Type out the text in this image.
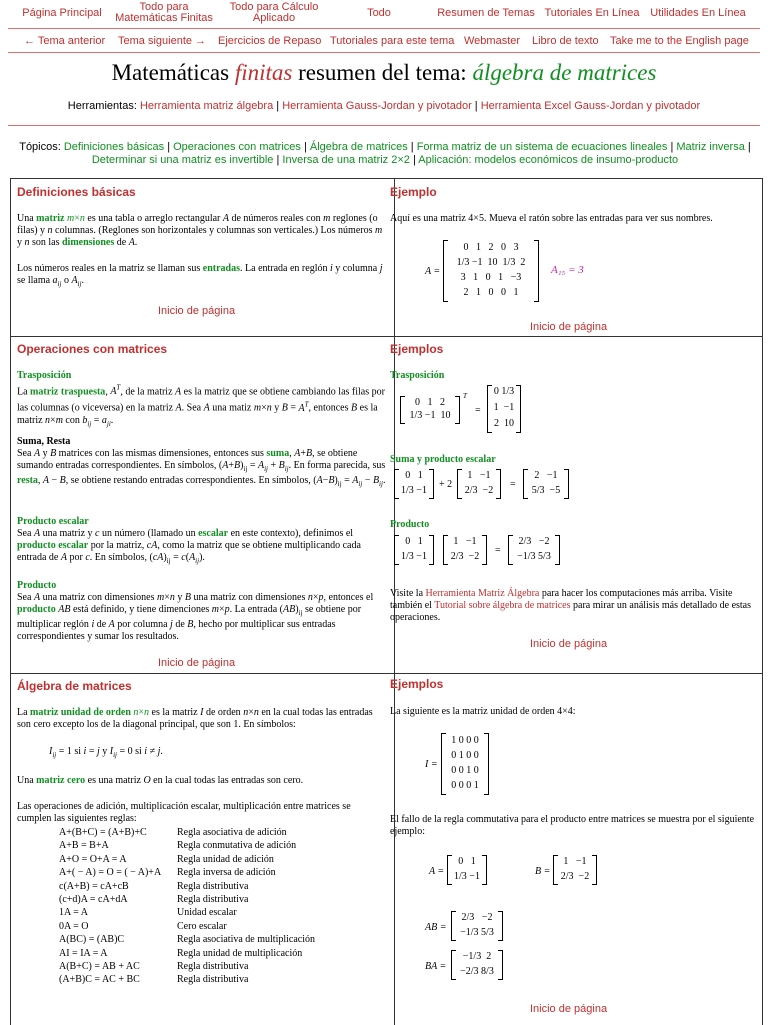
Página Principal	Todo para Matemáticas Finitas
Todo para Cálculo Aplicado	Todo	Resumen de Temas Tutoriales En Línea Utilidades En Línea
← Tema anterior Tema siguiente → Ejercicios de Repaso Tutoriales para este tema Webmaster Libro de texto Take me to the English page
Matemáticas finitas resumen del tema: álgebra de matrices
Herramientas: Herramienta matriz álgebra | Herramienta Gauss-Jordan y pivotador | Herramienta Excel Gauss-Jordan y pivotador
Tópicos: Definiciones básicas | Operaciones con matrices | Álgebra de matrices | Forma matriz de un sistema de ecuaciones lineales | Matriz inversa | Determinar si una matriz es invertible | Inversa de una matriz 2×2 | Aplicación: modelos económicos de insumo-producto
Definiciones básicas

Una matriz m×n es una tabla o arreglo rectangular A de números reales con m reglones (o filas) y n columnas. (Reglones son horizontales y columnas son verticales.) Los números m y n son las dimensiones de A.

Los números reales en la matriz se llaman sus entradas. La entrada en reglón i y columna j se llama $a_{ij}$ o $A_{ij}$.

Inicio de página
Ejemplo

Aquí es una matriz 4×5. Mueva el ratón sobre las entradas para ver sus nombres.

A =
0   1   2   0   3
1/3 −1  10  1/3  2
3   1   0   1   −3
2   1   0   0   1
A₁₅ = 3
Inicio de página
Operaciones con matrices
Trasposición

La matriz traspuesta, $A^T$, de la matriz A es la matriz que se obtiene cambiando las filas por las columnas (o viceversa) en la matriz A. Sea A una matiz m×n y $B = A^T$, entonces B es la matriz n×m con $b_{ij} = a_{ji}$.

Suma, Resta

Sea A y B matrices con las mismas dimensiones, entonces sus suma, A+B, se obtiene sumando entradas correspondientes. En símbolos, $(A+B)_{ij} = A_{ij} + B_{ij}$. En forma parecida, sus resta, A − B, se obtiene restando entradas correspondientes. En símbolos, $(A-B)_{ij} = A_{ij} - B_{ij}$.

Producto escalar

Sea A una matriz y c un número (llamado un escalar en este contexto), definimos el producto escalar por la matriz, cA, como la matriz que se obtiene multiplicando cada entrada de A por c. En símbolos, $(cA)_{ij} = c(A_{ij})$.

Producto

Sea A una matriz con dimensiones m×n y B una matriz con dimensiones n×p, entonces el producto AB está definido, y tiene dimenciones m×p. La entrada $(AB)_{ij}$ se obtiene por multiplicar reglón i de A por columna j de B, hecho por multiplicar sus entradas correspondientes y sumar los resultados.

Inicio de página
Ejemplos
Trasposición
0   1   2
1/3 −1  10
T
=
0 1/3
1  −1
2  10
Suma y producto escalar
0   1
1/3 −1
+ 2
1   −1
2/3  −2
=
2   −1
5/3  −5
Producto
0   1
1/3 −1
1   −1
2/3  −2
=
2/3   −2
−1/3 5/3

Visite la Herramienta Matriz Álgebra para hacer los computaciones más arriba. Visite también el Tutorial sobre álgebra de matrices para mirar un análisis más detallado de estas operaciones.

Inicio de página
Álgebra de matrices

La matriz unidad de orden n×n es la matriz I de orden n×n en la cual todas las entradas son cero excepto los de la diagonal principal, que son 1. En símbolos:

$I_{ij} = 1$ si i = j y $I_{ij} = 0$ si i ≠ j.

Una matriz cero es una matriz O en la cual todas las entradas son cero.

Las operaciones de adición, multiplicación escalar, multiplicación entre matrices se cumplen las siguientes reglas:

A+(B+C) = (A+B)+C	Regla asociativa de adición
A+B = B+A	Regla conmutativa de adición
A+O = O+A = A	Regla unidad de adición
A+( − A) = O = ( − A)+A Regla inversa de adición
c(A+B) = cA+cB	Regla distributiva
(c+d)A = cA+dA	Regla distributiva
1A = A	Unidad escalar
0A = O	Cero escalar
A(BC) = (AB)C	Regla asociativa de multiplicación
AI = IA = A	Regla unidad de multiplicación
A(B+C) = AB + AC	Regla distributiva
(A+B)C = AC + BC	Regla distributiva
Ejemplos

La siguiente es la matriz unidad de orden 4×4:

I =
1 0 0 0
0 1 0 0
0 0 1 0
0 0 0 1

El fallo de la regla commutativa para el producto entre matrices se muestra por el siguiente ejemplo:

A =
0   1
1/3 −1	B =
1   −1
2/3  −2
AB =
2/3   −2
−1/3 5/3
BA =
−1/3  2
−2/3 8/3
Inicio de página
